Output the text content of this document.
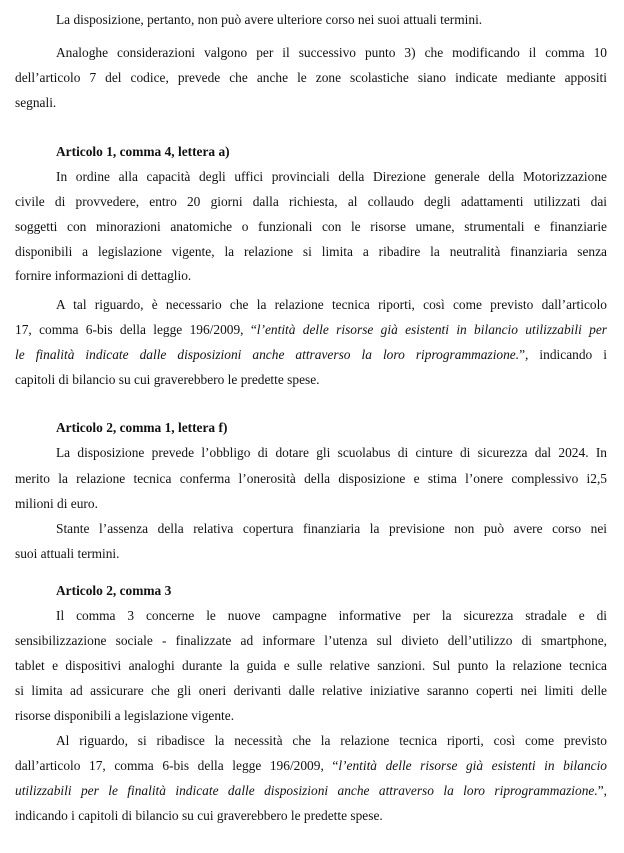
La disposizione, pertanto, non può avere ulteriore corso nei suoi attuali termini.
Analoghe considerazioni valgono per il successivo punto 3) che modificando il comma 10
dell’articolo 7 del codice, prevede che anche le zone scolastiche siano indicate mediante appositi
segnali.
Articolo 1, comma 4, lettera a)
In ordine alla capacità degli uffici provinciali della Direzione generale della Motorizzazione
civile di provvedere, entro 20 giorni dalla richiesta, al collaudo degli adattamenti utilizzati dai
soggetti con minorazioni anatomiche o funzionali con le risorse umane, strumentali e finanziarie
disponibili a legislazione vigente, la relazione si limita a ribadire la neutralità finanziaria senza
fornire informazioni di dettaglio.
A tal riguardo, è necessario che la relazione tecnica riporti, così come previsto dall’articolo
17, comma 6-bis della legge 196/2009, “l’entità delle risorse già esistenti in bilancio utilizzabili per
le finalità indicate dalle disposizioni anche attraverso la loro riprogrammazione.”, indicando i
capitoli di bilancio su cui graverebbero le predette spese.
Articolo 2, comma 1, lettera f)
La disposizione prevede l’obbligo di dotare gli scuolabus di cinture di sicurezza dal 2024. In
merito la relazione tecnica conferma l’onerosità della disposizione e stima l’onere complessivo i2,5
milioni di euro.
Stante l’assenza della relativa copertura finanziaria la previsione non può avere corso nei
suoi attuali termini.
Articolo 2, comma 3
Il comma 3 concerne le nuove campagne informative per la sicurezza stradale e di
sensibilizzazione sociale - finalizzate ad informare l’utenza sul divieto dell’utilizzo di smartphone,
tablet e dispositivi analoghi durante la guida e sulle relative sanzioni. Sul punto la relazione tecnica
si limita ad assicurare che gli oneri derivanti dalle relative iniziative saranno coperti nei limiti delle
risorse disponibili a legislazione vigente.
Al riguardo, si ribadisce la necessità che la relazione tecnica riporti, così come previsto
dall’articolo 17, comma 6-bis della legge 196/2009, “l’entità delle risorse già esistenti in bilancio
utilizzabili per le finalità indicate dalle disposizioni anche attraverso la loro riprogrammazione.”,
indicando i capitoli di bilancio su cui graverebbero le predette spese.
